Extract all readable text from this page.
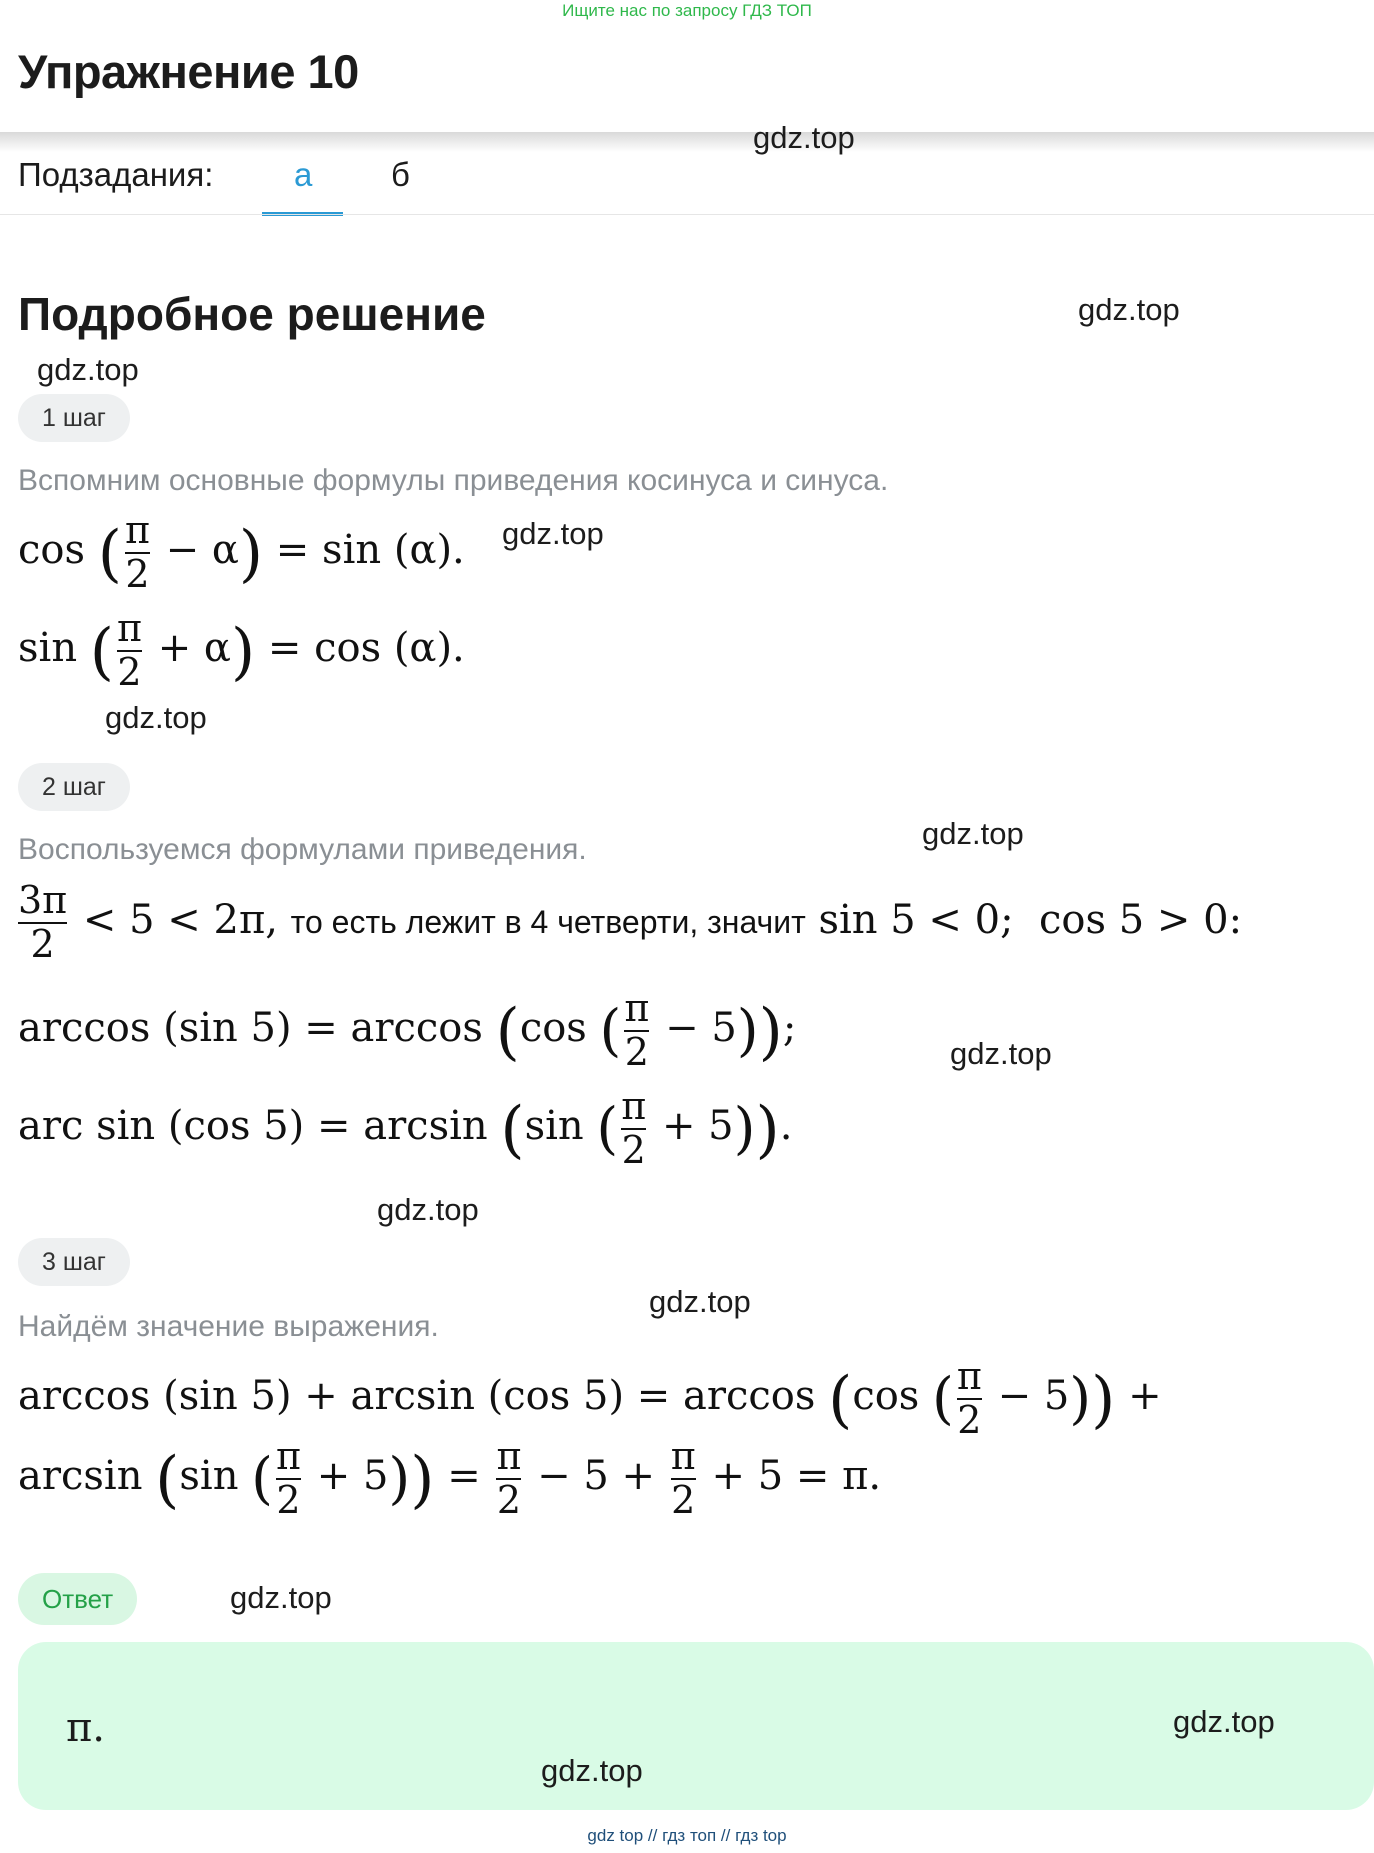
Ищите нас по запросу ГДЗ ТОП
Упражнение 10
Подзадания: а б
Подробное решение
1 шаг
Вспомним основные формулы приведения косинуса и синуса.
cos ( $\frac{\pi}{2} - \alpha) = \sin (\alpha)$.
sin ( $\frac{\pi}{2} + \alpha) = \cos (\alpha)$.
2 шаг
Воспользуемся формулами приведения.
$\frac{3\pi}{2} < 5 < 2\pi$, то есть лежит в 4 четверти, значит sin 5 < 0;  cos 5 > 0:
arccos (sin 5) = arccos (cos ( $\frac{\pi}{2} - 5$));
arc sin (cos 5) = arcsin (sin ( $\frac{\pi}{2} + 5$)).
3 шаг
Найдём значение выражения.
arccos (sin 5) + arcsin (cos 5) = arccos (cos ( $\frac{\pi}{2} - 5$)) +
arcsin (sin ( $\frac{\pi}{2} + 5)) = \frac{\pi}{2} - 5 + \frac{\pi}{2} + 5 = \pi$.
Ответ
π.
gdz.top
gdz.top
gdz.top
gdz.top
gdz.top
gdz.top
gdz.top
gdz.top
gdz.top
gdz.top
gdz.top
gdz.top
gdz top // гдз топ // гдз top
